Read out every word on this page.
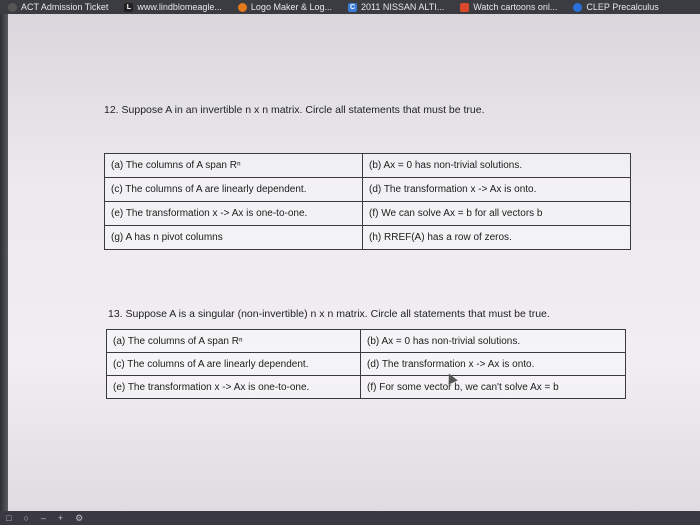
ACT Admission Ticket	L www.lindblomeagle...	Logo Maker & Log...	C 2011 NISSAN ALTI...	Watch cartoons onl...	CLEP Precalculus
12. Suppose A in an invertible n x n matrix. Circle all statements that must be true.
(a) The columns of A span Rⁿ	(b) Ax = 0 has non-trivial solutions.
(c) The columns of A are linearly dependent.	(d) The transformation x -> Ax is onto.
(e) The transformation x -> Ax is one-to-one.	(f) We can solve Ax = b for all vectors b
(g) A has n pivot columns	(h) RREF(A) has a row of zeros.
13. Suppose A is a singular (non-invertible) n x n matrix. Circle all statements that must be true.
(a) The columns of A span Rⁿ	(b) Ax = 0 has non-trivial solutions.
(c) The columns of A are linearly dependent.	(d) The transformation x -> Ax is onto.
(e) The transformation x -> Ax is one-to-one.	(f) For some vector b, we can't solve Ax = b
□ ○ – + ⚙
